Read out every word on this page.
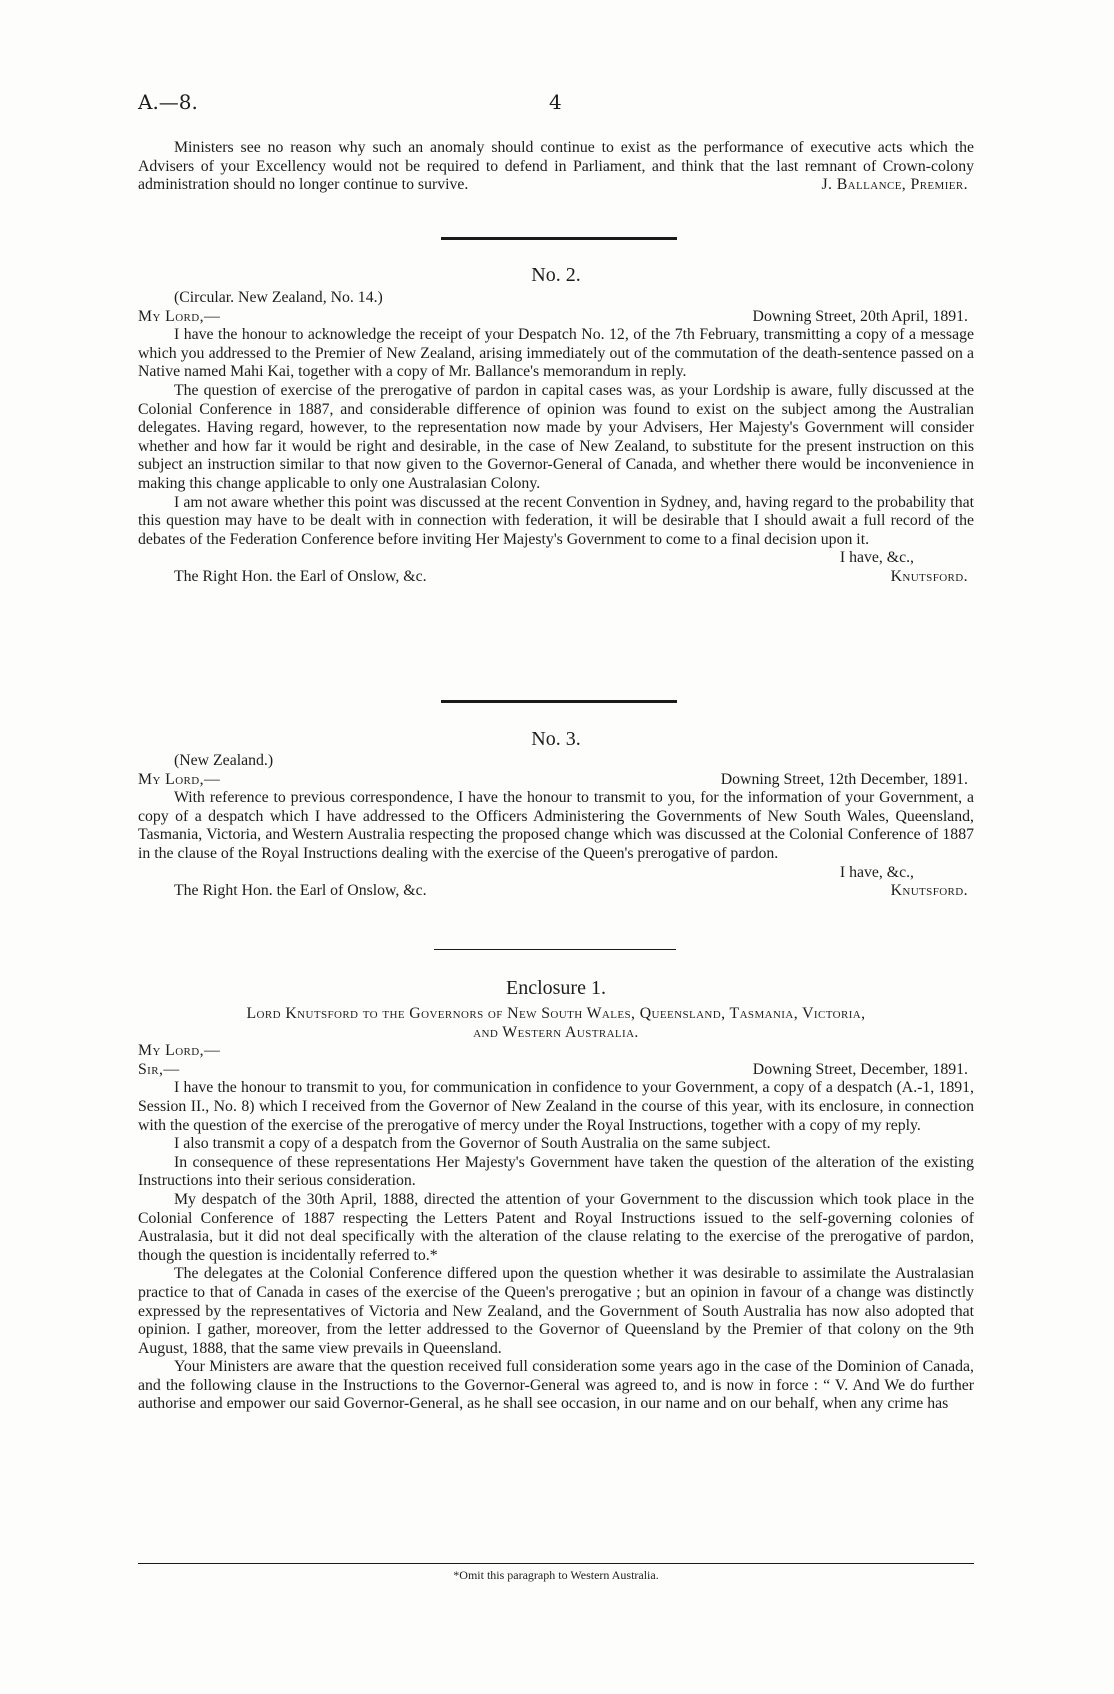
A.—8.	4

Ministers see no reason why such an anomaly should continue to exist as the performance of executive acts which the Advisers of your Excellency would not be required to defend in Parliament, and think that the last remnant of Crown-colony administration should no longer continue to survive.	J. Ballance, Premier.

No. 2.

(Circular. New Zealand, No. 14.)

My Lord,—	Downing Street, 20th April, 1891.

I have the honour to acknowledge the receipt of your Despatch No. 12, of the 7th February, transmitting a copy of a message which you addressed to the Premier of New Zealand, arising immediately out of the commutation of the death-sentence passed on a Native named Mahi Kai, together with a copy of Mr. Ballance's memorandum in reply.

The question of exercise of the prerogative of pardon in capital cases was, as your Lordship is aware, fully discussed at the Colonial Conference in 1887, and considerable difference of opinion was found to exist on the subject among the Australian delegates. Having regard, however, to the representation now made by your Advisers, Her Majesty's Government will consider whether and how far it would be right and desirable, in the case of New Zealand, to substitute for the present instruction on this subject an instruction similar to that now given to the Governor-General of Canada, and whether there would be inconvenience in making this change applicable to only one Australasian Colony.

I am not aware whether this point was discussed at the recent Convention in Sydney, and, having regard to the probability that this question may have to be dealt with in connection with federation, it will be desirable that I should await a full record of the debates of the Federation Conference before inviting Her Majesty's Government to come to a final decision upon it.

I have, &c.,

The Right Hon. the Earl of Onslow, &c.	Knutsford.
No. 3.

(New Zealand.)

My Lord,—	Downing Street, 12th December, 1891.

With reference to previous correspondence, I have the honour to transmit to you, for the information of your Government, a copy of a despatch which I have addressed to the Officers Administering the Governments of New South Wales, Queensland, Tasmania, Victoria, and Western Australia respecting the proposed change which was discussed at the Colonial Conference of 1887 in the clause of the Royal Instructions dealing with the exercise of the Queen's prerogative of pardon.

I have, &c.,

The Right Hon. the Earl of Onslow, &c.	Knutsford.
Enclosure 1.

Lord Knutsford to the Governors of New South Wales, Queensland, Tasmania, Victoria,

and Western Australia.

My Lord,—

Sir,—	Downing Street, December, 1891.

I have the honour to transmit to you, for communication in confidence to your Government, a copy of a despatch (A.-1, 1891, Session II., No. 8) which I received from the Governor of New Zealand in the course of this year, with its enclosure, in connection with the question of the exercise of the prerogative of mercy under the Royal Instructions, together with a copy of my reply.

I also transmit a copy of a despatch from the Governor of South Australia on the same subject.

In consequence of these representations Her Majesty's Government have taken the question of the alteration of the existing Instructions into their serious consideration.

My despatch of the 30th April, 1888, directed the attention of your Government to the discussion which took place in the Colonial Conference of 1887 respecting the Letters Patent and Royal Instructions issued to the self-governing colonies of Australasia, but it did not deal specifically with the alteration of the clause relating to the exercise of the prerogative of pardon, though the question is incidentally referred to.*

The delegates at the Colonial Conference differed upon the question whether it was desirable to assimilate the Australasian practice to that of Canada in cases of the exercise of the Queen's prerogative ; but an opinion in favour of a change was distinctly expressed by the representatives of Victoria and New Zealand, and the Government of South Australia has now also adopted that opinion. I gather, moreover, from the letter addressed to the Governor of Queensland by the Premier of that colony on the 9th August, 1888, that the same view prevails in Queensland.

Your Ministers are aware that the question received full consideration some years ago in the case of the Dominion of Canada, and the following clause in the Instructions to the Governor-General was agreed to, and is now in force : “ V. And We do further authorise and empower our said Governor-General, as he shall see occasion, in our name and on our behalf, when any crime has

*Omit this paragraph to Western Australia.
